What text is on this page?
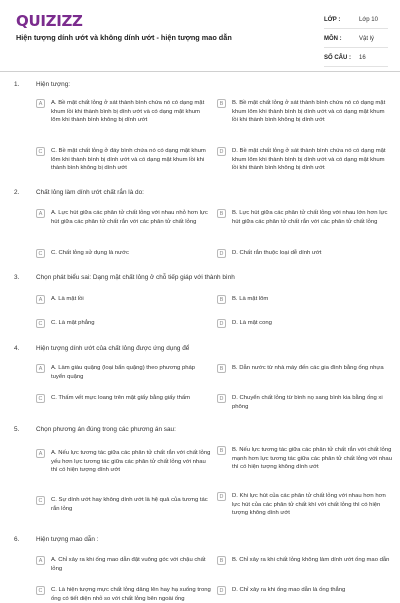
QUIZIZZ
Hiện tượng dính ướt và không dính ướt - hiện tượng mao dẫn
LỚP :	Lớp 10
MÔN :	Vật lý
SỐ CÂU :	16
1.	Hiện tượng:
A	A. Bề mặt chất lỏng ở sát thành bình chứa nó có dạng mặt khum lồi khi thành bình bị dính ướt và có dạng mặt khum lõm khi thành bình không bị dính ướt
B	B. Bề mặt chất lỏng ở sát thành bình chứa nó có dạng mặt khum lõm khi thành bình bị dính ướt và có dạng mặt khum lồi khi thành bình không bị dính ướt
C	C. Bề mặt chất lỏng ở đáy bình chứa nó có dạng mặt khum lõm khi thành bình bị dính ướt và có dạng mặt khum lồi khi thành bình không bị dính ướt
D	D. Bề mặt chất lỏng ở sát thành bình chứa nó có dạng mặt khum lõm khi thành bình bị dính ướt và có dạng mặt khum lồi khi thành bình không bị dính ướt
2.	Chất lỏng làm dính ướt chất rắn là do:
A	A. Lực hút giữa các phân tử chất lỏng với nhau nhỏ hơn lực hút giữa các phân tử chất rắn với các phân tử chất lỏng
B	B. Lực hút giữa các phân tử chất lỏng với nhau lớn hơn lực hút giữa các phân tử chất rắn với các phân tử chất lỏng
C	C. Chất lỏng sử dụng là nước	D	D. Chất rắn thuộc loại dễ dính ướt
3.	Chọn phát biểu sai: Dạng mặt chất lỏng ở chỗ tiếp giáp với thành bình
A	A. Là mặt lồi	B	B. Là mặt lõm
C	C. Là mặt phẳng	D	D. Là mặt cong
4.	Hiện tượng dính ướt của chất lỏng được ứng dụng để
A	A. Làm giàu quặng (loại bẩn quặng) theo phương pháp tuyển quặng
B	B. Dẫn nước từ nhà máy đến các gia đình bằng ống nhựa
C	C. Thấm vết mực loang trên mặt giấy bằng giấy thấm	D	D. Chuyển chất lỏng từ bình nọ sang bình kia bằng ống xi phông
5.	Chọn phương án đúng trong các phương án sau:
A	A. Nếu lực tương tác giữa các phân tử chất rắn với chất lỏng yếu hơn lực tương tác giữa các phân tử chất lỏng với nhau thì có hiện tượng dính ướt
B	B. Nếu lực tương tác giữa các phân tử chất rắn với chất lỏng mạnh hơn lực tương tác giữa các phân tử chất lỏng với nhau thì có hiện tượng không dính ướt
C	C. Sự dính ướt hay không dính ướt là hệ quả của tương tác rắn lỏng
D	D. Khi lực hút của các phân tử chất lỏng với nhau hơn hơn lực hút của các phân tử chất khí với chất lỏng thì có hiện tượng không dính ướt
6.	Hiện tượng mao dẫn :
A	A. Chỉ xảy ra khi ống mao dẫn đặt vuông góc với chậu chất lỏng
B	B. Chỉ xảy ra khi chất lỏng không làm dính ướt ống mao dẫn
C	C. Là hiện tượng mực chất lỏng dâng lên hay hạ xuống trong ống có tiết diện nhỏ so với chất lỏng bên ngoài ống
D	D. Chỉ xảy ra khi ống mao dẫn là ống thẳng
